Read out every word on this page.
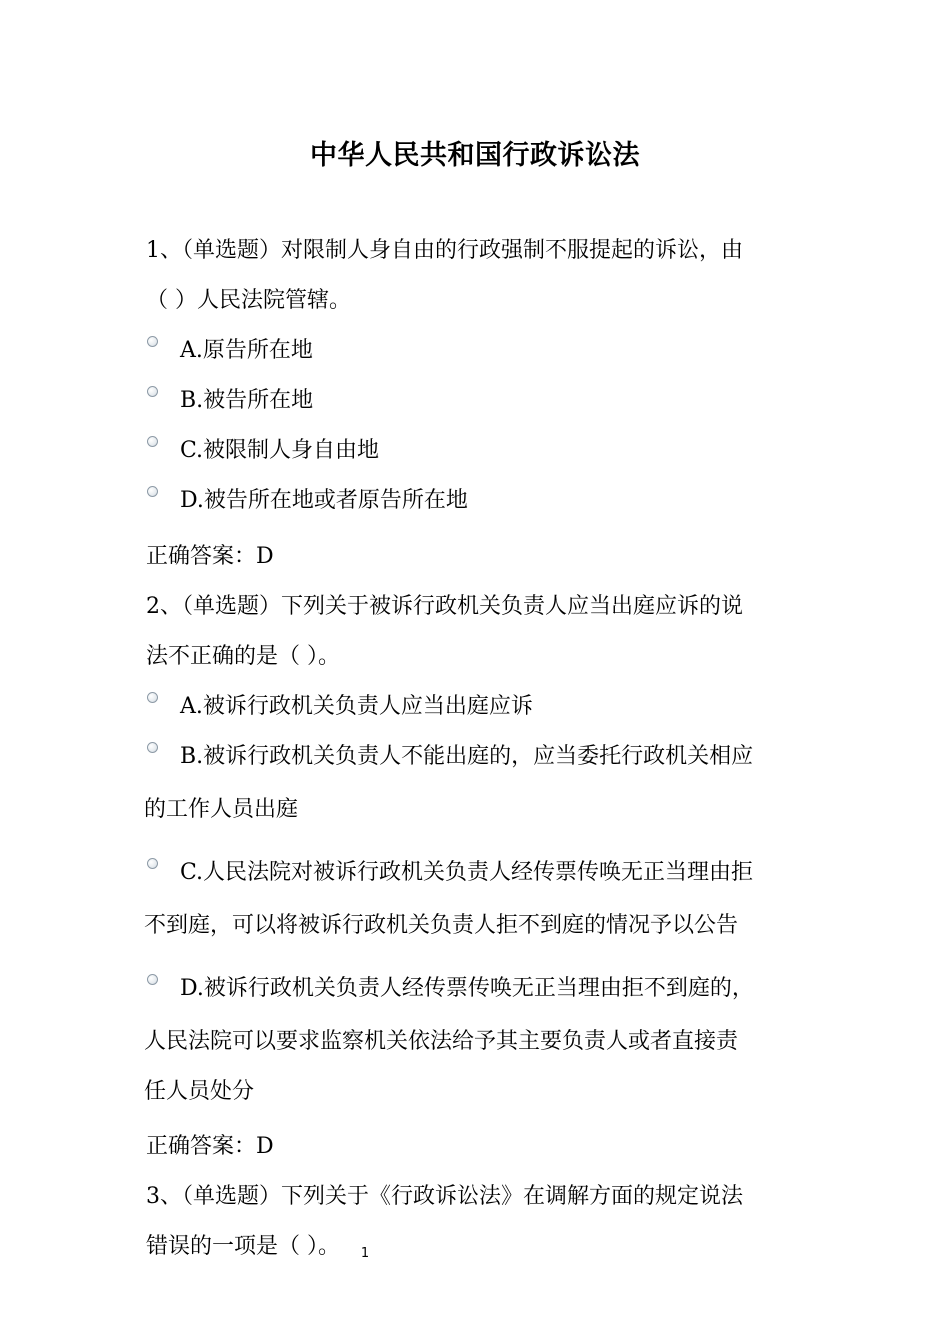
中华人民共和国行政诉讼法
1、（单选题）对限制人身自由的行政强制不服提起的诉讼，由
（ ）人民法院管辖。
A.原告所在地
B.被告所在地
C.被限制人身自由地
D.被告所在地或者原告所在地
正确答案：D
2、（单选题）下列关于被诉行政机关负责人应当出庭应诉的说
法不正确的是（ ）。
A.被诉行政机关负责人应当出庭应诉
B.被诉行政机关负责人不能出庭的，应当委托行政机关相应
的工作人员出庭
C.人民法院对被诉行政机关负责人经传票传唤无正当理由拒
不到庭，可以将被诉行政机关负责人拒不到庭的情况予以公告
D.被诉行政机关负责人经传票传唤无正当理由拒不到庭的，
人民法院可以要求监察机关依法给予其主要负责人或者直接责
任人员处分
正确答案：D
3、（单选题）下列关于《行政诉讼法》在调解方面的规定说法
错误的一项是（ ）。	1
